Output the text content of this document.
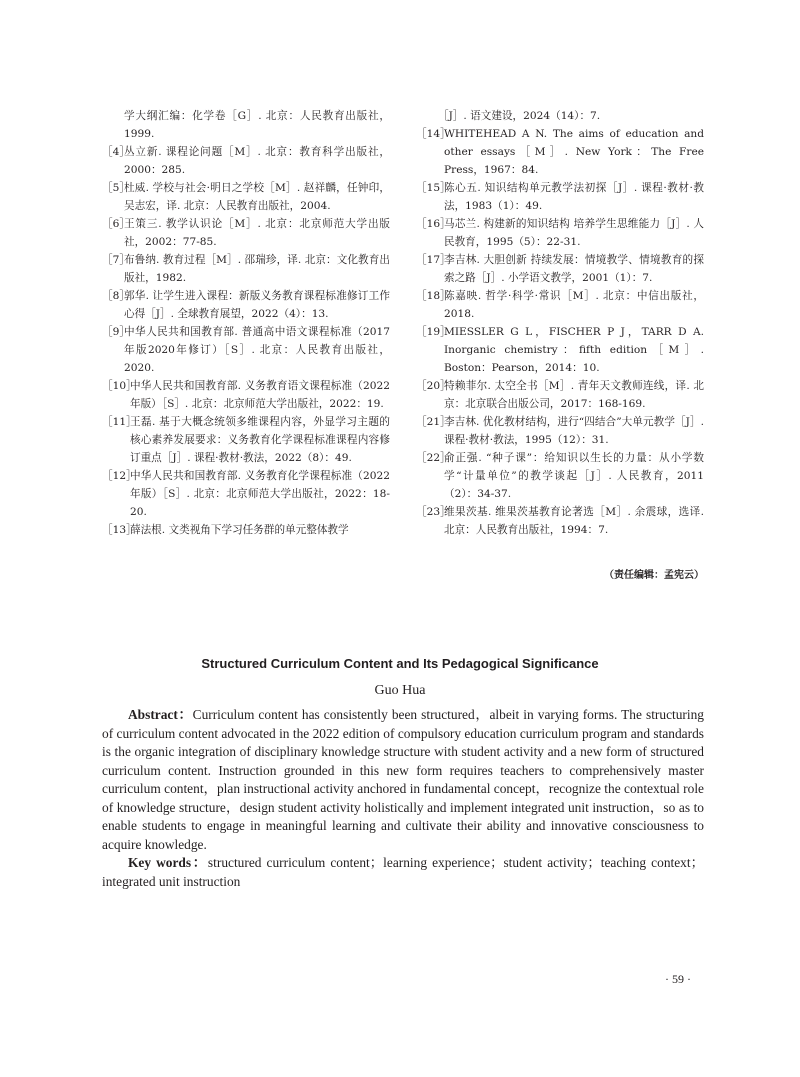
学大纲汇编：化学卷［G］. 北京：人民教育出版社，1999.
［4］
丛立新. 课程论问题［M］. 北京：教育科学出版社，2000：285.
［5］
杜威. 学校与社会·明日之学校［M］. 赵祥麟，任钟印，吴志宏，译. 北京：人民教育出版社，2004.
［6］
王策三. 教学认识论［M］. 北京：北京师范大学出版社，2002：77-85.
［7］
布鲁纳. 教育过程［M］. 邵瑞珍，译. 北京：文化教育出版社，1982.
［8］
郭华. 让学生进入课程：新版义务教育课程标准修订工作心得［J］. 全球教育展望，2022（4）：13.
［9］
中华人民共和国教育部. 普通高中语文课程标准（2017年版2020年修订）［S］. 北京：人民教育出版社，2020.
［10］
中华人民共和国教育部. 义务教育语文课程标准（2022年版）［S］. 北京：北京师范大学出版社，2022：19.
［11］
王磊. 基于大概念统领多维课程内容，外显学习主题的核心素养发展要求：义务教育化学课程标准课程内容修订重点［J］. 课程·教材·教法，2022（8）：49.
［12］
中华人民共和国教育部. 义务教育化学课程标准（2022年版）［S］. 北京：北京师范大学出版社，2022：18-20.
［13］
薛法根. 文类视角下学习任务群的单元整体教学
［J］. 语文建设，2024（14）：7.
［14］
WHITEHEAD A N. The aims of education and other essays［M］. New York：The Free Press，1967：84.
［15］
陈心五. 知识结构单元教学法初探［J］. 课程·教材·教法，1983（1）：49.
［16］
马芯兰. 构建新的知识结构 培养学生思维能力［J］. 人民教育，1995（5）：22-31.
［17］
李吉林. 大胆创新 持续发展：情境教学、情境教育的探索之路［J］. 小学语文教学，2001（1）：7.
［18］
陈嘉映. 哲学·科学·常识［M］. 北京：中信出版社，2018.
［19］
MIESSLER G L，FISCHER P J，TARR D A. Inorganic chemistry：fifth edition［M］. Boston：Pearson，2014：10.
［20］
特赖菲尔. 太空全书［M］. 青年天文教师连线，译. 北京：北京联合出版公司，2017：168-169.
［21］
李吉林. 优化教材结构，进行“四结合”大单元教学［J］. 课程·教材·教法，1995（12）：31.
［22］
俞正强. “种子课”：给知识以生长的力量：从小学数学“计量单位”的教学谈起［J］. 人民教育，2011（2）：34-37.
［23］
维果茨基. 维果茨基教育论著选［M］. 余震球，选译. 北京：人民教育出版社，1994：7.
（责任编辑：孟宪云）
Structured Curriculum Content and Its Pedagogical Significance
Guo Hua

Abstract：Curriculum content has consistently been structured，albeit in varying forms. The structuring of curriculum content advocated in the 2022 edition of compulsory education curriculum program and standards is the organic integration of disciplinary knowledge structure with student activity and a new form of structured curriculum content. Instruction grounded in this new form requires teachers to comprehensively master curriculum content，plan instructional activity anchored in fundamental concept，recognize the contextual role of knowledge structure，design student activity holistically and implement integrated unit instruction，so as to enable students to engage in meaningful learning and cultivate their ability and innovative consciousness to acquire knowledge.

Key words：structured curriculum content；learning experience；student activity；teaching context；integrated unit instruction

· 59 ·
